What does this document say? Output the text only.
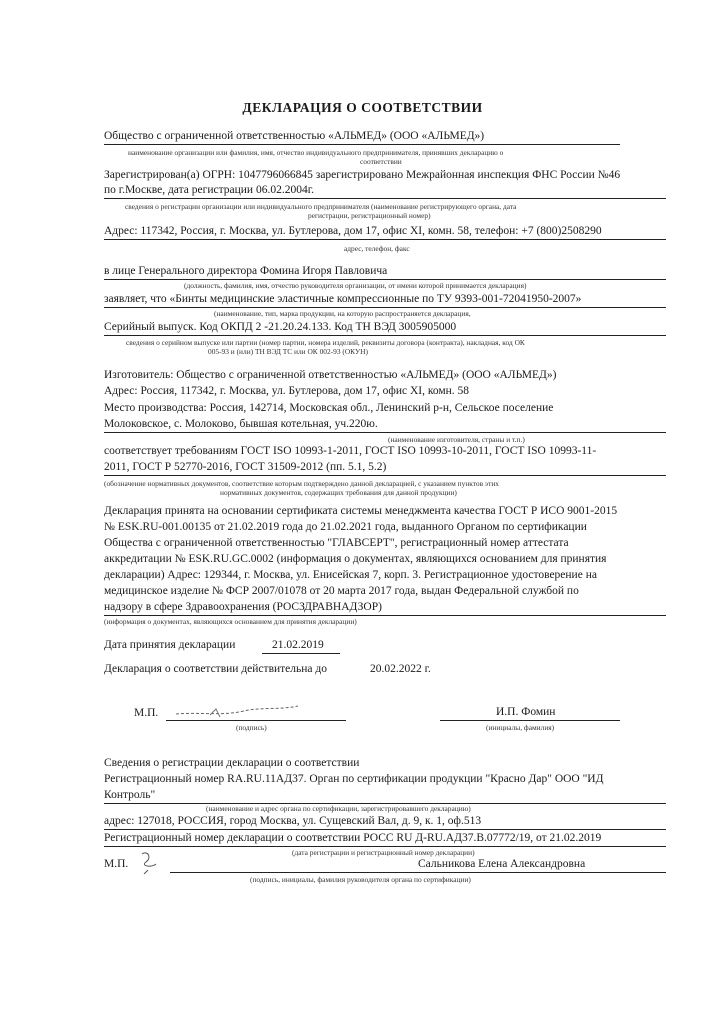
ДЕКЛАРАЦИЯ О СООТВЕТСТВИИ
Общество с ограниченной ответственностью «АЛЬМЕД» (ООО «АЛЬМЕД»)
наименование организации или фамилия, имя, отчество индивидуального предпринимателя, принявших декларацию о
соответствии
Зарегистрирован(а) ОГРН: 1047796066845 зарегистрировано Межрайонная инспекция ФНС России №46
по г.Москве, дата регистрации 06.02.2004г.
сведения о регистрации организации или индивидуального предпринимателя (наименование регистрирующего органа, дата
регистрации, регистрационный номер)
Адрес: 117342, Россия, г. Москва, ул. Бутлерова, дом 17, офис XI, комн. 58, телефон: +7 (800)2508290
адрес, телефон, факс
в лице Генерального директора Фомина Игоря Павловича
(должность, фамилия, имя, отчество руководителя организации, от имени которой принимается декларация)
заявляет, что «Бинты медицинские эластичные компрессионные по ТУ 9393-001-72041950-2007»
(наименование, тип, марка продукции, на которую распространяется декларация,
Серийный выпуск. Код ОКПД 2 -21.20.24.133. Код ТН ВЭД 3005905000
сведения о серийном выпуске или партии (номер партии, номера изделий, реквизиты договора (контракта), накладная, код ОК
005-93 и (или) ТН ВЭД ТС или ОК 002-93 (ОКУН)
Изготовитель: Общество с ограниченной ответственностью «АЛЬМЕД» (ООО «АЛЬМЕД»)
Адрес: Россия, 117342, г. Москва, ул. Бутлерова, дом 17, офис XI, комн. 58
Место производства: Россия, 142714, Московская обл., Ленинский р-н, Сельское поселение
Молоковское, с. Молоково, бывшая котельная, уч.220ю.
(наименование изготовителя, страны и т.п.)
соответствует требованиям ГОСТ ISO 10993-1-2011, ГОСТ ISO 10993-10-2011, ГОСТ ISO 10993-11-
2011, ГОСТ Р 52770-2016, ГОСТ 31509-2012 (пп. 5.1, 5.2)
(обозначение нормативных документов, соответствие которым подтверждено данной декларацией, с указанием пунктов этих
нормативных документов, содержащих требования для данной продукции)
Декларация принята на основании сертификата системы менеджмента качества ГОСТ Р ИСО 9001-2015
№ ESK.RU-001.00135 от 21.02.2019 года до 21.02.2021 года, выданного Органом по сертификации
Общества с ограниченной ответственностью "ГЛАВСЕРТ", регистрационный номер аттестата
аккредитации № ESK.RU.GC.0002 (информация о документах, являющихся основанием для принятия
декларации) Адрес: 129344, г. Москва, ул. Енисейская 7, корп. 3. Регистрационное удостоверение на
медицинское изделие № ФСР 2007/01078 от 20 марта 2017 года, выдан Федеральной службой по
надзору в сфере Здравоохранения (РОСЗДРАВНАДЗОР)
(информация о документах, являющихся основанием для принятия декларации)
Дата принятия декларации	21.02.2019
Декларация о соответствии действительна до	20.02.2022 г.
М.П.
(подпись)
И.П. Фомин
(инициалы, фамилия)
Сведения о регистрации декларации о соответствии
Регистрационный номер RA.RU.11АД37. Орган по сертификации продукции "Красно Дар" ООО "ИД
Контроль"
(наименование и адрес органа по сертификации, зарегистрировавшего декларацию)
адрес: 127018, РОССИЯ, город Москва, ул. Сущевский Вал, д. 9, к. 1, оф.513
Регистрационный номер декларации о соответствии РОСС RU Д-RU.АД37.В.07772/19, от 21.02.2019
(дата регистрации и регистрационный номер декларации)
М.П.	Сальникова Елена Александровна
(подпись, инициалы, фамилия руководителя органа по сертификации)
